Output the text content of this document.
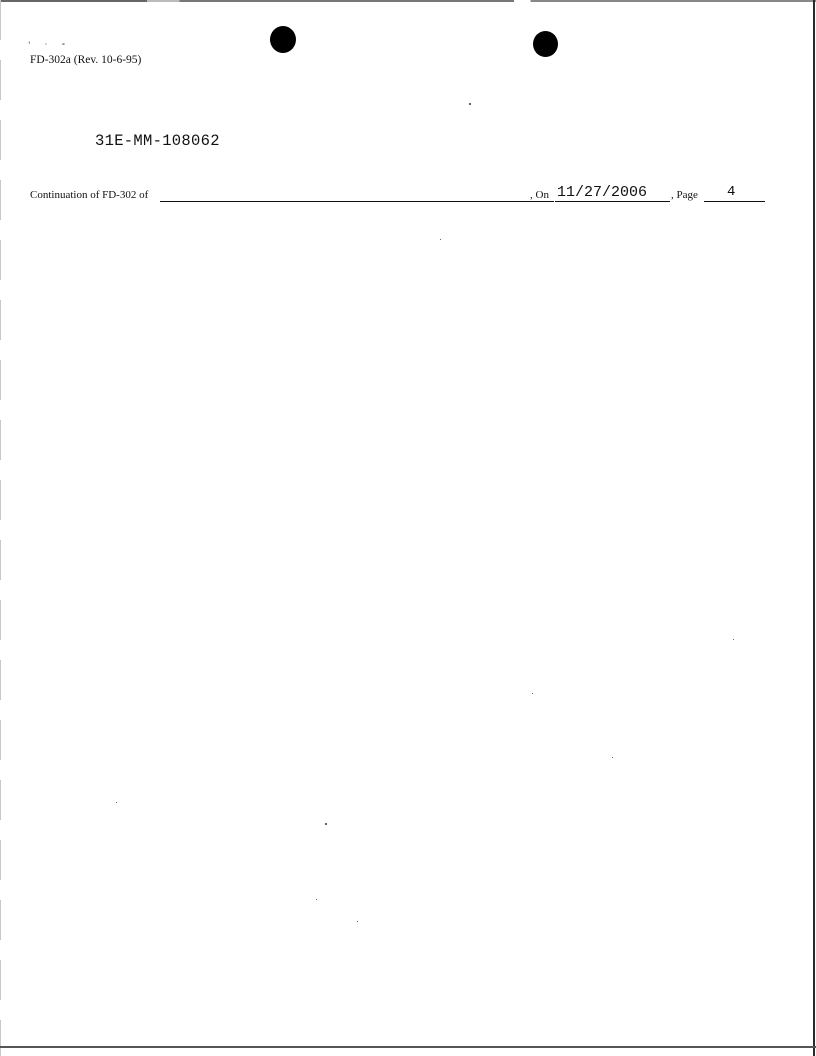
‘ · ⁃
FD-302a (Rev. 10-6-95)
31E-MM-108062
Continuation of FD-302 of	, On 11/27/2006 , Page 4
